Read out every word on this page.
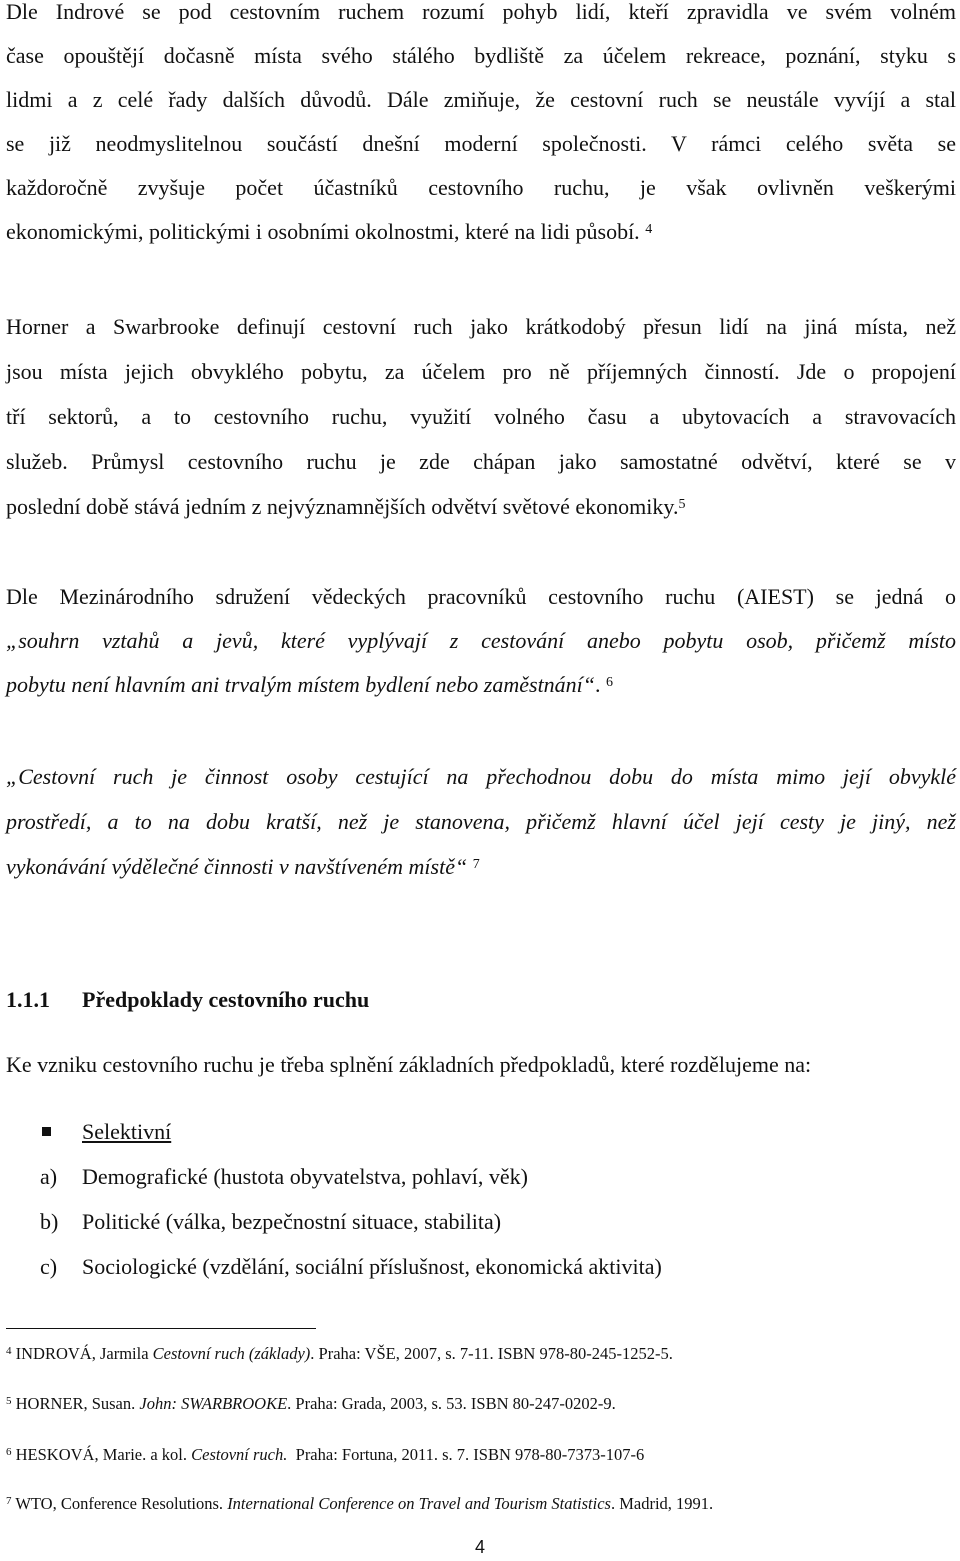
Dle Indrové se pod cestovním ruchem rozumí pohyb lidí, kteří zpravidla ve svém volném
čase opouštějí dočasně místa svého stálého bydliště za účelem rekreace, poznání, styku s
lidmi a z celé řady dalších důvodů. Dále zmiňuje, že cestovní ruch se neustále vyvíjí a stal
se již neodmyslitelnou součástí dnešní moderní společnosti. V rámci celého světa se
každoročně zvyšuje počet účastníků cestovního ruchu, je však ovlivněn veškerými
ekonomickými, politickými i osobními okolnostmi, které na lidi působí. $^4$
Horner a Swarbrooke definují cestovní ruch jako krátkodobý přesun lidí na jiná místa, než
jsou místa jejich obvyklého pobytu, za účelem pro ně příjemných činností. Jde o propojení
tří sektorů, a to cestovního ruchu, využití volného času a ubytovacích a stravovacích
služeb. Průmysl cestovního ruchu je zde chápan jako samostatné odvětví, které se v
poslední době stává jedním z nejvýznamnějších odvětví světové ekonomiky.$^5$
Dle Mezinárodního sdružení vědeckých pracovníků cestovního ruchu (AIEST) se jedná o
„souhrn vztahů a jevů, které vyplývají z cestování anebo pobytu osob, přičemž místo
pobytu není hlavním ani trvalým místem bydlení nebo zaměstnání“. $^6$
„Cestovní ruch je činnost osoby cestující na přechodnou dobu do místa mimo její obvyklé
prostředí, a to na dobu kratší, než je stanovena, přičemž hlavní účel její cesty je jiný, než
vykonávání výdělečné činnosti v navštíveném místě“ $^7$
1.1.1 Předpoklady cestovního ruchu
Ke vzniku cestovního ruchu je třeba splnění základních předpokladů, které rozdělujeme na:
Selektivní
a) Demografické (hustota obyvatelstva, pohlaví, věk)
b) Politické (válka, bezpečnostní situace, stabilita)
c) Sociologické (vzdělání, sociální příslušnost, ekonomická aktivita)
$^4$ INDROVÁ, Jarmila Cestovní ruch (základy). Praha: VŠE, 2007, s. 7-11. ISBN 978-80-245-1252-5.
$^5$ HORNER, Susan. John: SWARBROOKE. Praha: Grada, 2003, s. 53. ISBN 80-247-0202-9.
$^6$ HESKOVÁ, Marie. a kol. Cestovní ruch.  Praha: Fortuna, 2011. s. 7. ISBN 978-80-7373-107-6
$^7$ WTO, Conference Resolutions. International Conference on Travel and Tourism Statistics. Madrid, 1991.
4
